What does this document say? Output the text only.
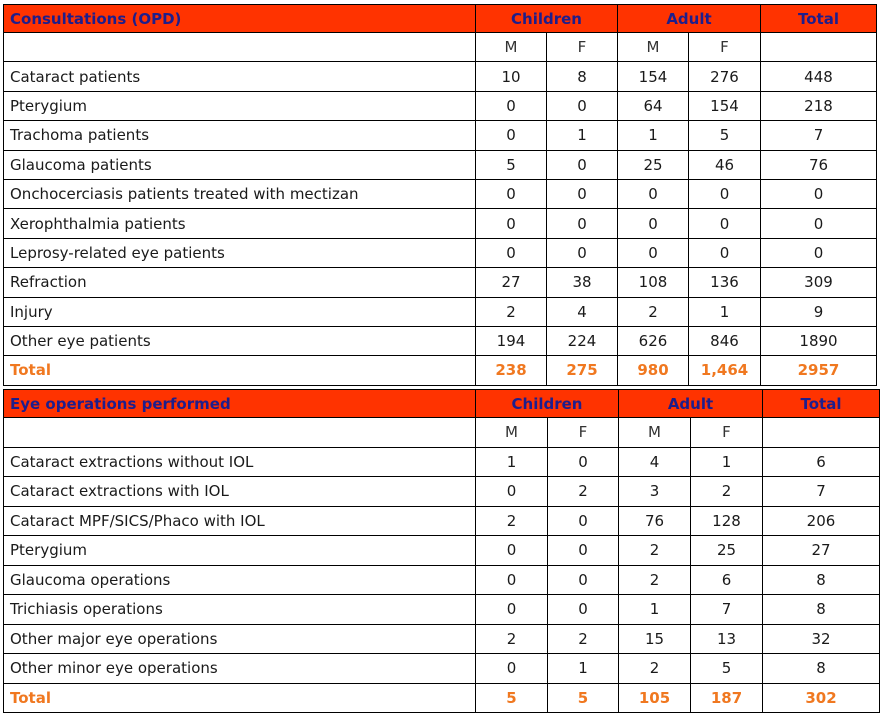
Consultations (OPD)	Children		Adult		Total
	M	F	M	F	
Cataract patients	10	8	154	276	448
Pterygium	0	0	64	154	218
Trachoma patients	0	1	1	5	7
Glaucoma patients	5	0	25	46	76
Onchocerciasis patients treated with mectizan	0	0	0	0	0
Xerophthalmia patients	0	0	0	0	0
Leprosy-related eye patients	0	0	0	0	0
Refraction	27	38	108	136	309
Injury	2	4	2	1	9
Other eye patients	194	224	626	846	1890
Total	238	275	980	1,464	2957
Eye operations performed	Children		Adult		Total
	M	F	M	F	
Cataract extractions without IOL	1	0	4	1	6
Cataract extractions with IOL	0	2	3	2	7
Cataract MPF/SICS/Phaco with IOL	2	0	76	128	206
Pterygium	0	0	2	25	27
Glaucoma operations	0	0	2	6	8
Trichiasis operations	0	0	1	7	8
Other major eye operations	2	2	15	13	32
Other minor eye operations	0	1	2	5	8
Total	5	5	105	187	302
